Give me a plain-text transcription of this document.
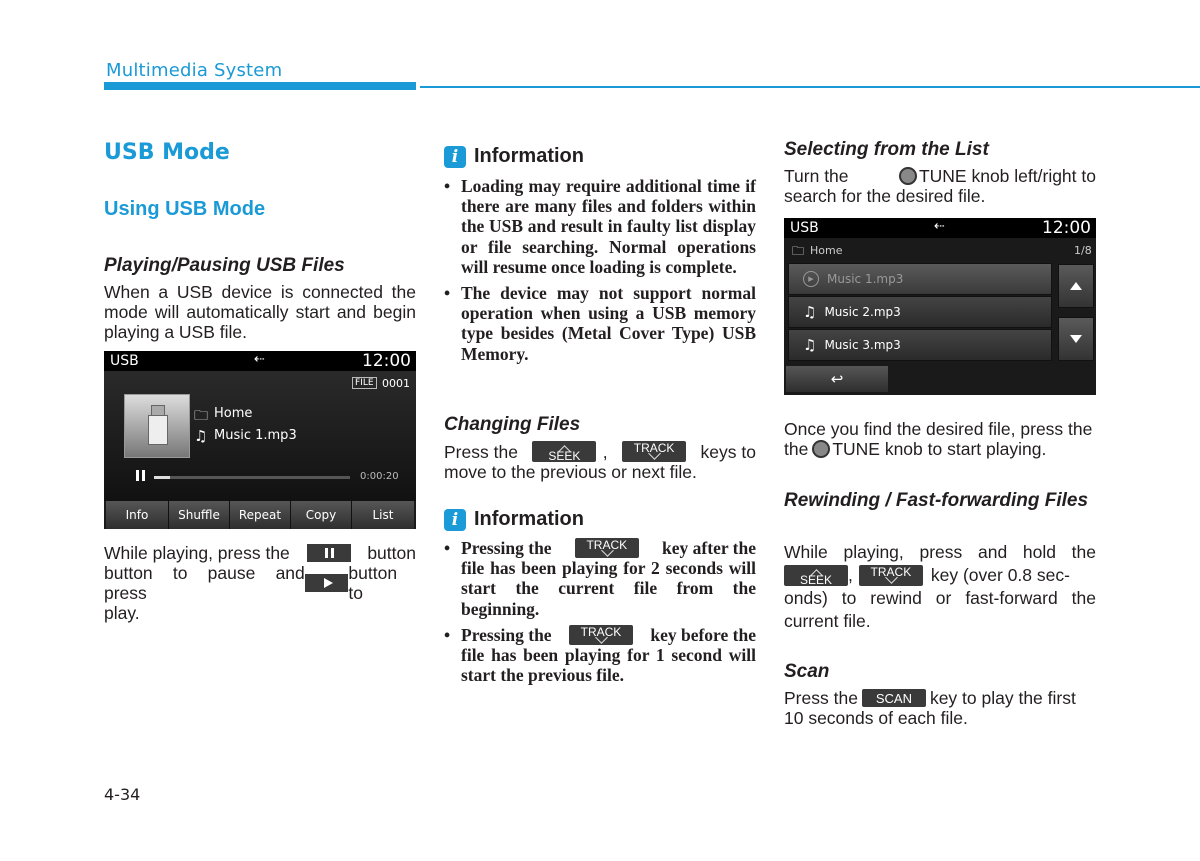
Multimedia System
USB Mode
Using USB Mode
Playing/Pausing USB Files
When a USB device is connected the mode will automatically start and begin playing a USB file.
USB	⇠	12:00
FILE 0001
🗀 Home
♫ Music 1.mp3
0:00:20
Info	Shuffle	Repeat	Copy	List
While playing, press the	button
button to pause and press
button to
play.
i Information
• Loading may require additional time if there are many files and folders within the USB and result in faulty list display or file searching. Normal operations will resume once loading is complete.
• The device may not support normal operation when using a USB memory type besides (Metal Cover Type) USB Memory.
Changing Files
Press the	SEEK	,	TRACK	keys to
move to the previous or next file.
i Information
• Pressing the	TRACK	key after the
file has been playing for 2 seconds will start the current file from the beginning.
• Pressing the	TRACK	key before the
file has been playing for 1 second will start the previous file.
Selecting from the List
Turn the	TUNE knob left/right to
search for the desired file.
USB	⇠	12:00
🗀 Home	1/8
▶	Music 1.mp3
♫ Music 2.mp3
♫ Music 3.mp3
↩
Once you find the desired file, press the
the TUNE knob to start playing.
Rewinding / Fast-forwarding Files
While playing, press and hold the
SEEK ,	TRACK	key (over 0.8 sec-
onds) to rewind or fast-forward the current file.
Scan
Press the	SCAN	key to play the first
10 seconds of each file.
4-34
